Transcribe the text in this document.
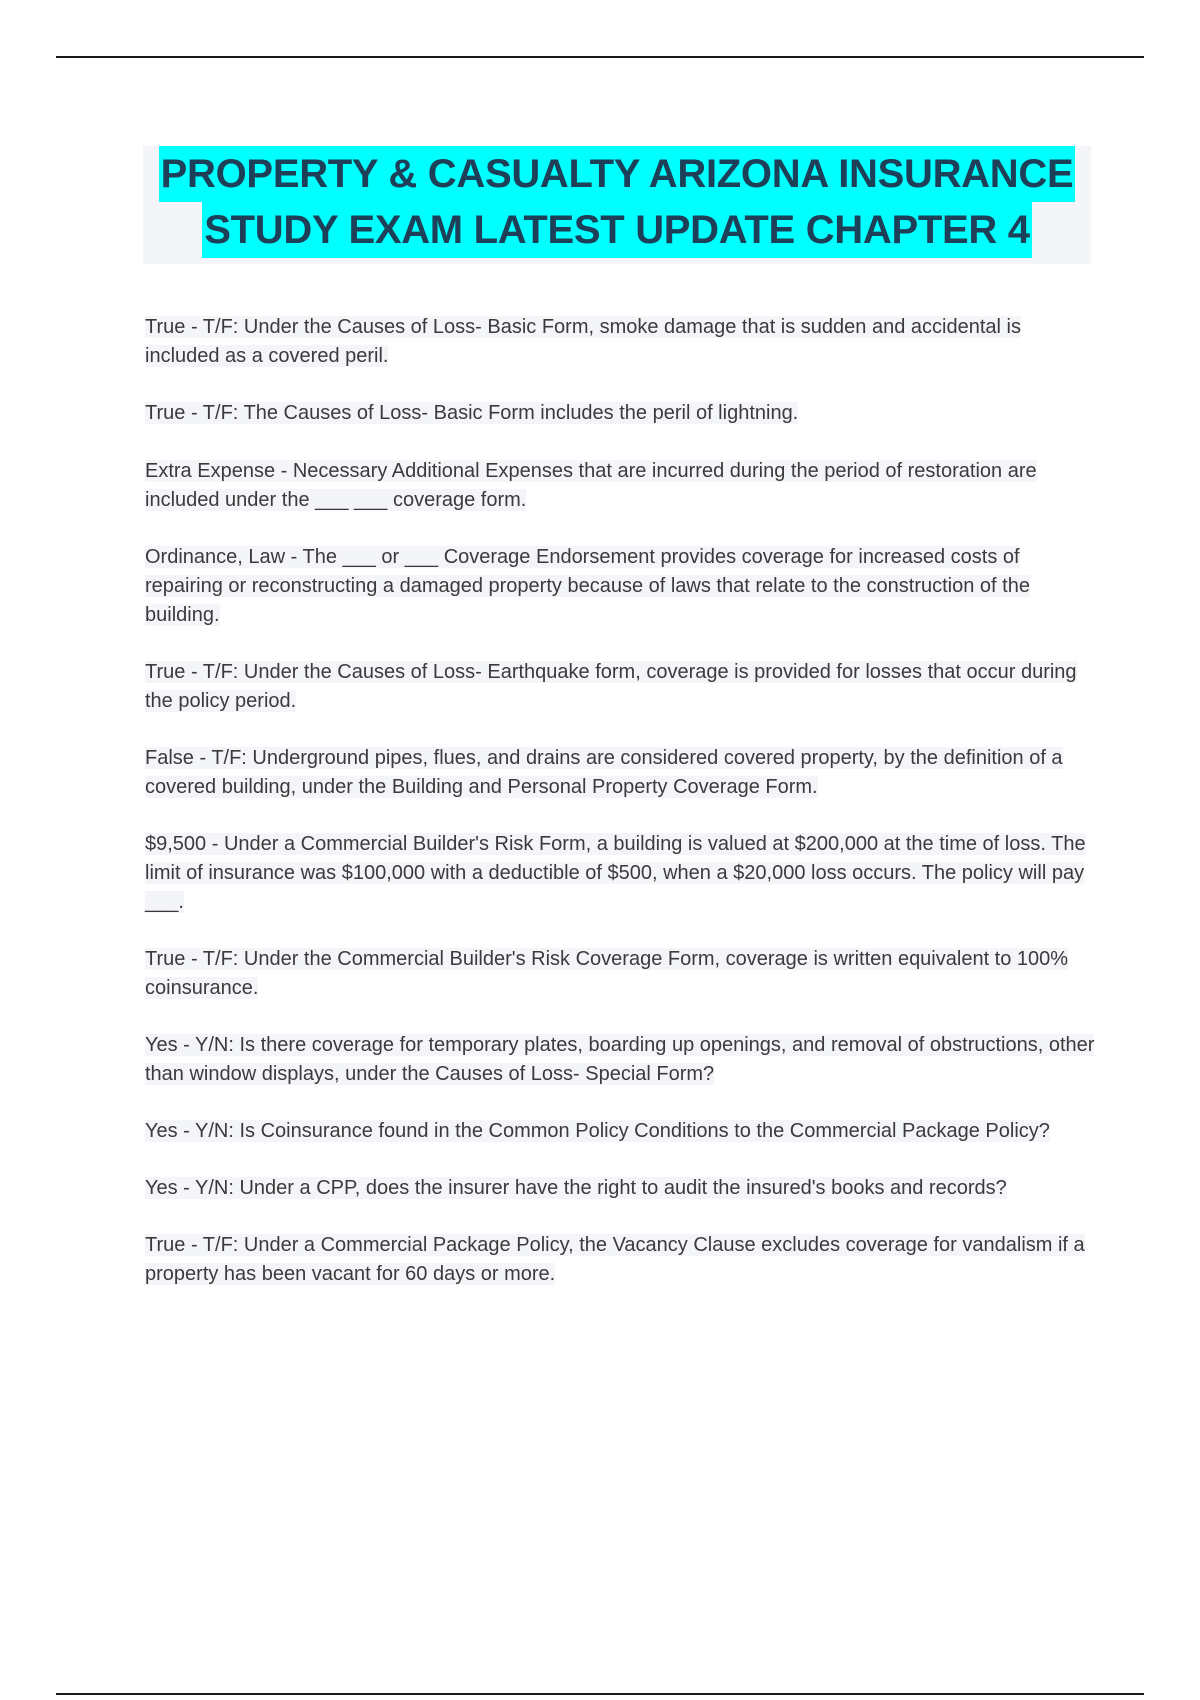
PROPERTY & CASUALTY ARIZONA INSURANCE
STUDY EXAM LATEST UPDATE CHAPTER 4

True - T/F: Under the Causes of Loss- Basic Form, smoke damage that is sudden and accidental is included as a covered peril.

True - T/F: The Causes of Loss- Basic Form includes the peril of lightning.

Extra Expense - Necessary Additional Expenses that are incurred during the period of restoration are included under the ___ ___ coverage form.

Ordinance, Law - The ___ or ___ Coverage Endorsement provides coverage for increased costs of repairing or reconstructing a damaged property because of laws that relate to the construction of the building.

True - T/F: Under the Causes of Loss- Earthquake form, coverage is provided for losses that occur during the policy period.

False - T/F: Underground pipes, flues, and drains are considered covered property, by the definition of a covered building, under the Building and Personal Property Coverage Form.

$9,500 - Under a Commercial Builder's Risk Form, a building is valued at $200,000 at the time of loss. The limit of insurance was $100,000 with a deductible of $500, when a $20,000 loss occurs. The policy will pay ___.

True - T/F: Under the Commercial Builder's Risk Coverage Form, coverage is written equivalent to 100% coinsurance.

Yes - Y/N: Is there coverage for temporary plates, boarding up openings, and removal of obstructions, other than window displays, under the Causes of Loss- Special Form?

Yes - Y/N: Is Coinsurance found in the Common Policy Conditions to the Commercial Package Policy?

Yes - Y/N: Under a CPP, does the insurer have the right to audit the insured's books and records?

True - T/F: Under a Commercial Package Policy, the Vacancy Clause excludes coverage for vandalism if a property has been vacant for 60 days or more.
